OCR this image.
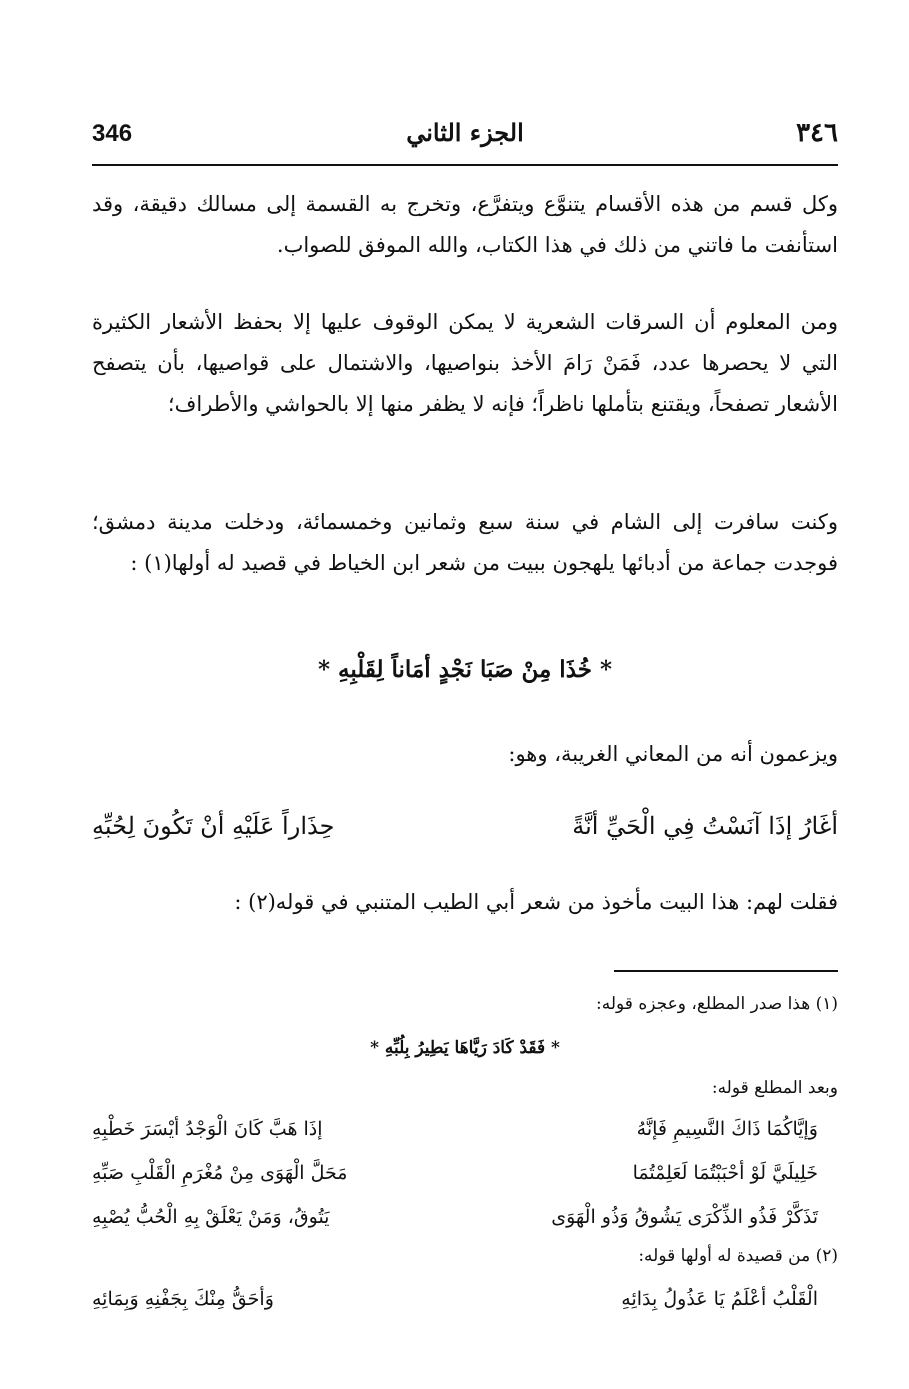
346	الجزء الثاني	٣٤٦
وكل قسم من هذه الأقسام يتنوَّع ويتفرَّع، وتخرج به القسمة إلى مسالك دقيقة، وقد استأنفت ما فاتني من ذلك في هذا الكتاب، والله الموفق للصواب.
ومن المعلوم أن السرقات الشعرية لا يمكن الوقوف عليها إلا بحفظ الأشعار الكثيرة التي لا يحصرها عدد، فَمَنْ رَامَ الأخذ بنواصيها، والاشتمال على قواصيها، بأن يتصفح الأشعار تصفحاً، ويقتنع بتأملها ناظراً؛ فإنه لا يظفر منها إلا بالحواشي والأطراف؛
وكنت سافرت إلى الشام في سنة سبع وثمانين وخمسمائة، ودخلت مدينة دمشق؛ فوجدت جماعة من أدبائها يلهجون ببيت من شعر ابن الخياط في قصيد له أولها(١) :
* خُذَا مِنْ صَبَا نَجْدٍ أمَاناً لِقَلْبِهِ *
ويزعمون أنه من المعاني الغريبة، وهو:
أغَارُ إذَا آنَسْتُ فِي الْحَيِّ أنَّةً
حِذَاراً عَلَيْهِ أنْ تَكُونَ لِحُبِّهِ
فقلت لهم: هذا البيت مأخوذ من شعر أبي الطيب المتنبي في قوله(٢) :
(١) هذا صدر المطلع، وعجزه قوله:
* فَقَدْ كَادَ رَيَّاهَا يَطِيرُ بِلُبِّهِ *
وبعد المطلع قوله:
وَإيَّاكُمَا ذَاكَ النَّسِيمِ فَإنَّهُ
إذَا هَبَّ كَانَ الْوَجْدُ أيْسَرَ خَطْبِهِ
خَلِيلَيَّ لَوْ أحْبَبْتُمَا لَعَلِمْتُمَا
مَحَلَّ الْهَوَى مِنْ مُغْرَمِ الْقَلْبِ صَبِّهِ
تَذَكَّرْ فَذُو الذِّكْرَى يَشُوقُ وَذُو الْهَوَى
يَتُوقُ، وَمَنْ يَعْلَقْ بِهِ الْحُبُّ يُصْبِهِ
(٢) من قصيدة له أولها قوله:
الْقَلْبُ أعْلَمُ يَا عَذُولُ بِدَائِهِ
وَأحَقُّ مِنْكَ بِجَفْنِهِ وَبِمَائِهِ
